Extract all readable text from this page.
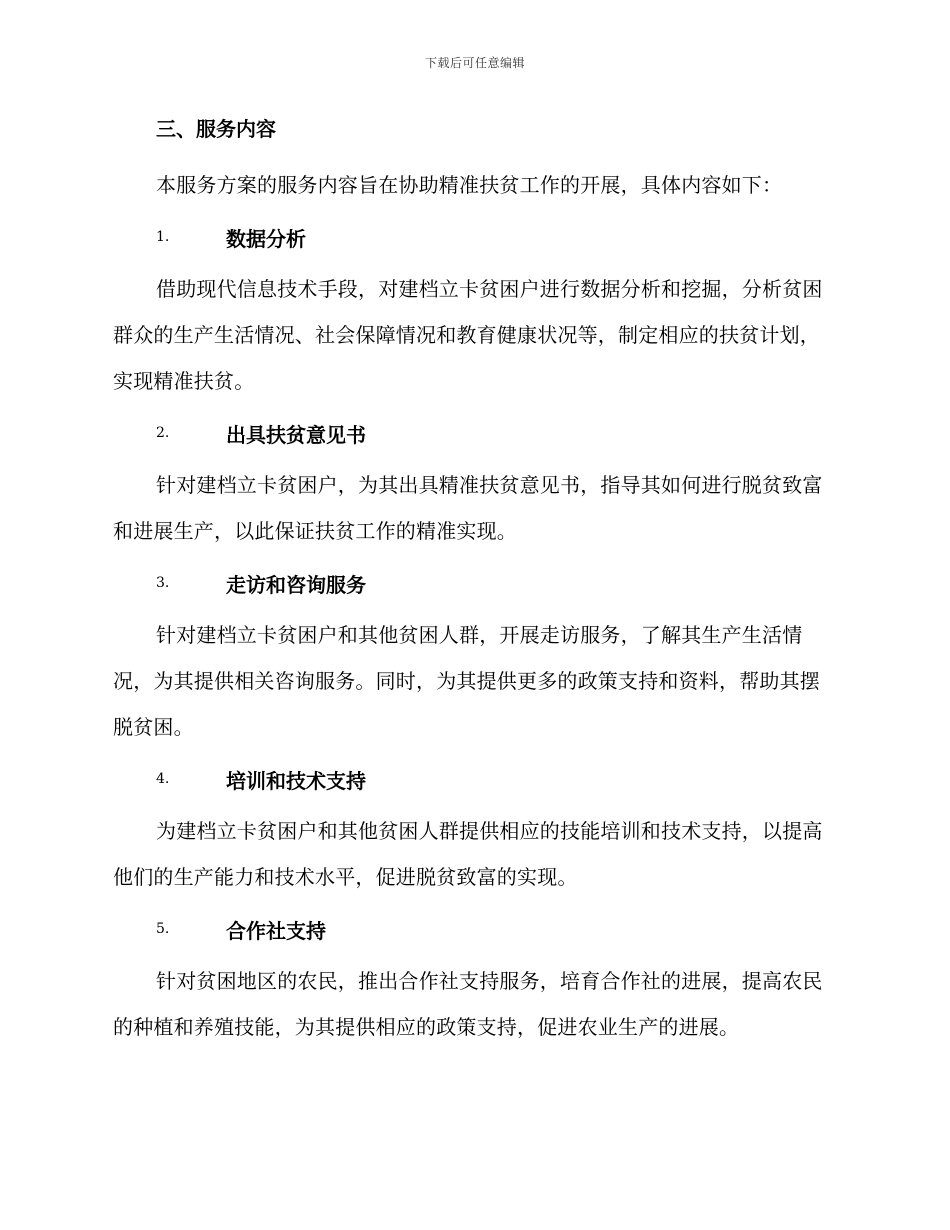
下载后可任意编辑
三、服务内容

本服务方案的服务内容旨在协助精准扶贫工作的开展，具体内容如下：

1.	数据分析

借助现代信息技术手段，对建档立卡贫困户进行数据分析和挖掘，分析贫困群众的生产生活情况、社会保障情况和教育健康状况等，制定相应的扶贫计划，实现精准扶贫。

2.	出具扶贫意见书

针对建档立卡贫困户，为其出具精准扶贫意见书，指导其如何进行脱贫致富和进展生产，以此保证扶贫工作的精准实现。

3.	走访和咨询服务

针对建档立卡贫困户和其他贫困人群，开展走访服务，了解其生产生活情况，为其提供相关咨询服务。同时，为其提供更多的政策支持和资料，帮助其摆脱贫困。

4.	培训和技术支持

为建档立卡贫困户和其他贫困人群提供相应的技能培训和技术支持，以提高他们的生产能力和技术水平，促进脱贫致富的实现。

5.	合作社支持

针对贫困地区的农民，推出合作社支持服务，培育合作社的进展，提高农民的种植和养殖技能，为其提供相应的政策支持，促进农业生产的进展。
